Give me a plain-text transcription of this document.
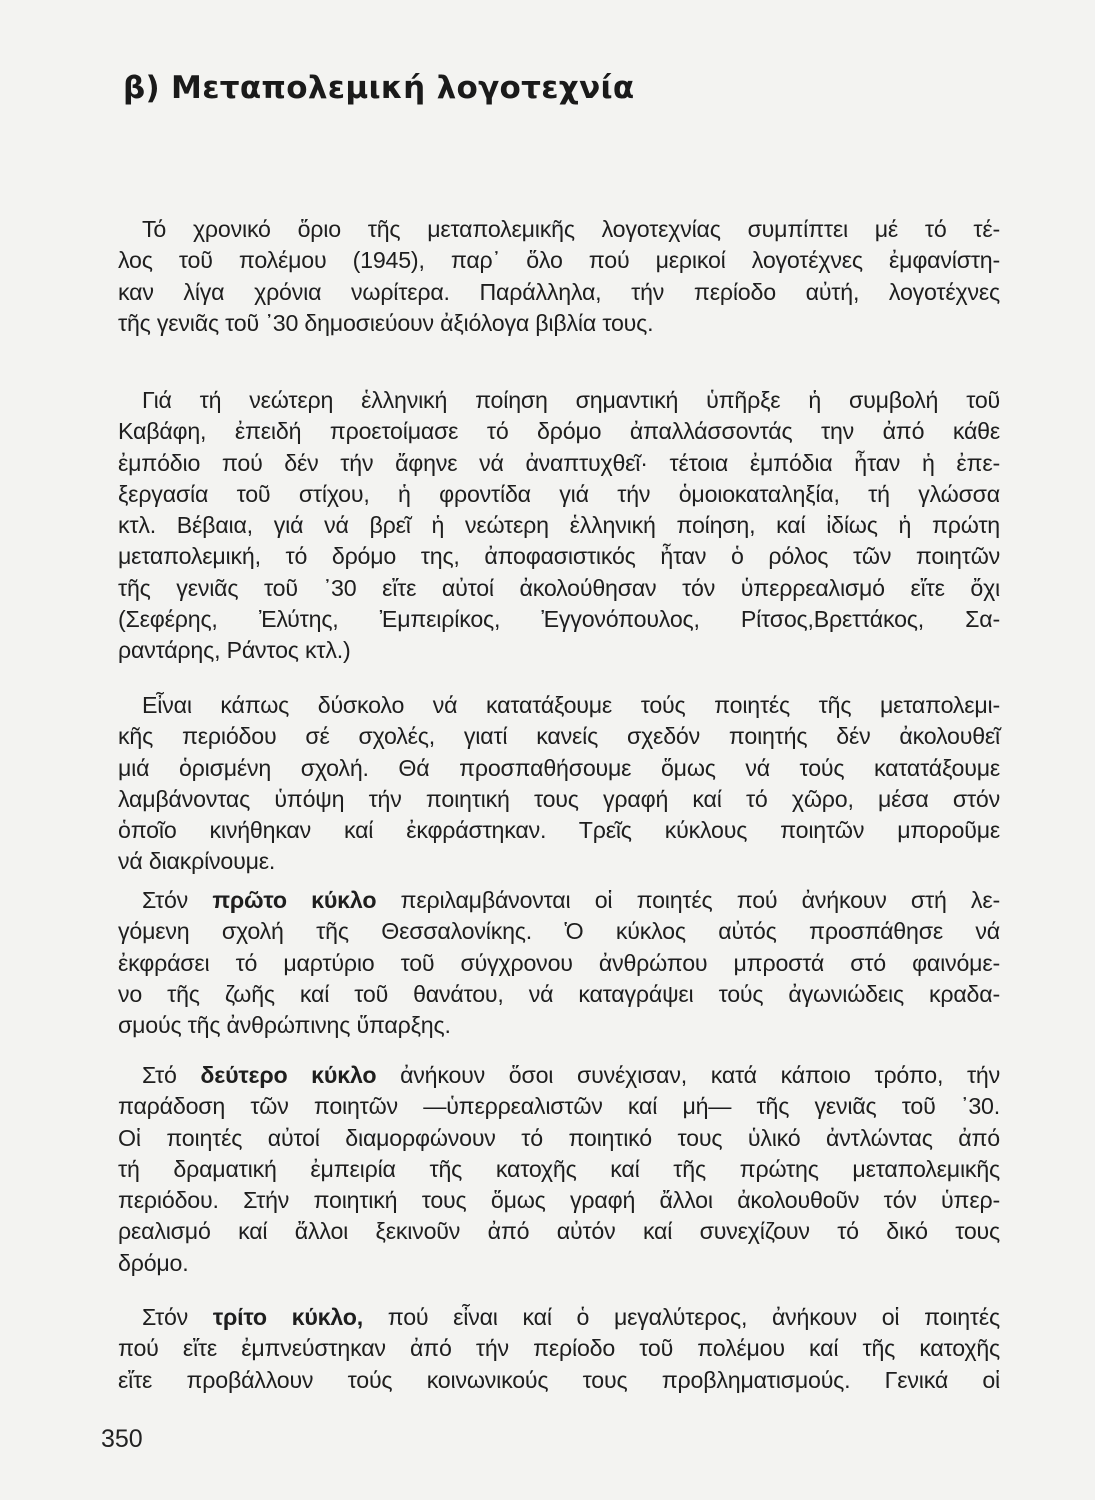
β) Μεταπολεμική λογοτεχνία
Τό χρονικό ὅριο τῆς μεταπολεμικῆς λογοτεχνίας συμπίπτει μέ τό τέ-
λος τοῦ πολέμου (1945), παρ᾽ ὅλο πού μερικοί λογοτέχνες ἐμφανίστη-
καν λίγα χρόνια νωρίτερα. Παράλληλα, τήν περίοδο αὐτή, λογοτέχνες
τῆς γενιᾶς τοῦ ᾽30 δημοσιεύουν ἀξιόλογα βιβλία τους.
Γιά τή νεώτερη ἑλληνική ποίηση σημαντική ὑπῆρξε ἡ συμβολή τοῦ
Καβάφη, ἐπειδή προετοίμασε τό δρόμο ἀπαλλάσσοντάς την ἀπό κάθε
ἐμπόδιο πού δέν τήν ἄφηνε νά ἀναπτυχθεῖ· τέτοια ἐμπόδια ἦταν ἡ ἐπε-
ξεργασία τοῦ στίχου, ἡ φροντίδα γιά τήν ὁμοιοκαταληξία, τή γλώσσα
κτλ. Βέβαια, γιά νά βρεῖ ἡ νεώτερη ἑλληνική ποίηση, καί ἰδίως ἡ πρώτη
μεταπολεμική, τό δρόμο της, ἀποφασιστικός ἦταν ὁ ρόλος τῶν ποιητῶν
τῆς γενιᾶς τοῦ ᾽30 εἴτε αὐτοί ἀκολούθησαν τόν ὑπερρεαλισμό εἴτε ὄχι
(Σεφέρης, Ἐλύτης, Ἐμπειρίκος, Ἐγγονόπουλος, Ρίτσος,Βρεττάκος, Σα-
ραντάρης, Ράντος κτλ.)
Εἶναι κάπως δύσκολο νά κατατάξουμε τούς ποιητές τῆς μεταπολεμι-
κῆς περιόδου σέ σχολές, γιατί κανείς σχεδόν ποιητής δέν ἀκολουθεῖ
μιά ὁρισμένη σχολή. Θά προσπαθήσουμε ὅμως νά τούς κατατάξουμε
λαμβάνοντας ὑπόψη τήν ποιητική τους γραφή καί τό χῶρο, μέσα στόν
ὁποῖο κινήθηκαν καί ἐκφράστηκαν. Τρεῖς κύκλους ποιητῶν μποροῦμε
νά διακρίνουμε.
Στόν πρῶτο κύκλο περιλαμβάνονται οἱ ποιητές πού ἀνήκουν στή λε-
γόμενη σχολή τῆς Θεσσαλονίκης. Ὁ κύκλος αὐτός προσπάθησε νά
ἐκφράσει τό μαρτύριο τοῦ σύγχρονου ἀνθρώπου μπροστά στό φαινόμε-
νο τῆς ζωῆς καί τοῦ θανάτου, νά καταγράψει τούς ἀγωνιώδεις κραδα-
σμούς τῆς ἀνθρώπινης ὕπαρξης.
Στό δεύτερο κύκλο ἀνήκουν ὅσοι συνέχισαν, κατά κάποιο τρόπο, τήν
παράδοση τῶν ποιητῶν —ὑπερρεαλιστῶν καί μή— τῆς γενιᾶς τοῦ ᾽30.
Οἱ ποιητές αὐτοί διαμορφώνουν τό ποιητικό τους ὑλικό ἀντλώντας ἀπό
τή δραματική ἐμπειρία τῆς κατοχῆς καί τῆς πρώτης μεταπολεμικῆς
περιόδου. Στήν ποιητική τους ὅμως γραφή ἄλλοι ἀκολουθοῦν τόν ὑπερ-
ρεαλισμό καί ἄλλοι ξεκινοῦν ἀπό αὐτόν καί συνεχίζουν τό δικό τους
δρόμο.
Στόν τρίτο κύκλο, πού εἶναι καί ὁ μεγαλύτερος, ἀνήκουν οἱ ποιητές
πού εἴτε ἐμπνεύστηκαν ἀπό τήν περίοδο τοῦ πολέμου καί τῆς κατοχῆς
εἴτε προβάλλουν τούς κοινωνικούς τους προβληματισμούς. Γενικά οἱ
350
